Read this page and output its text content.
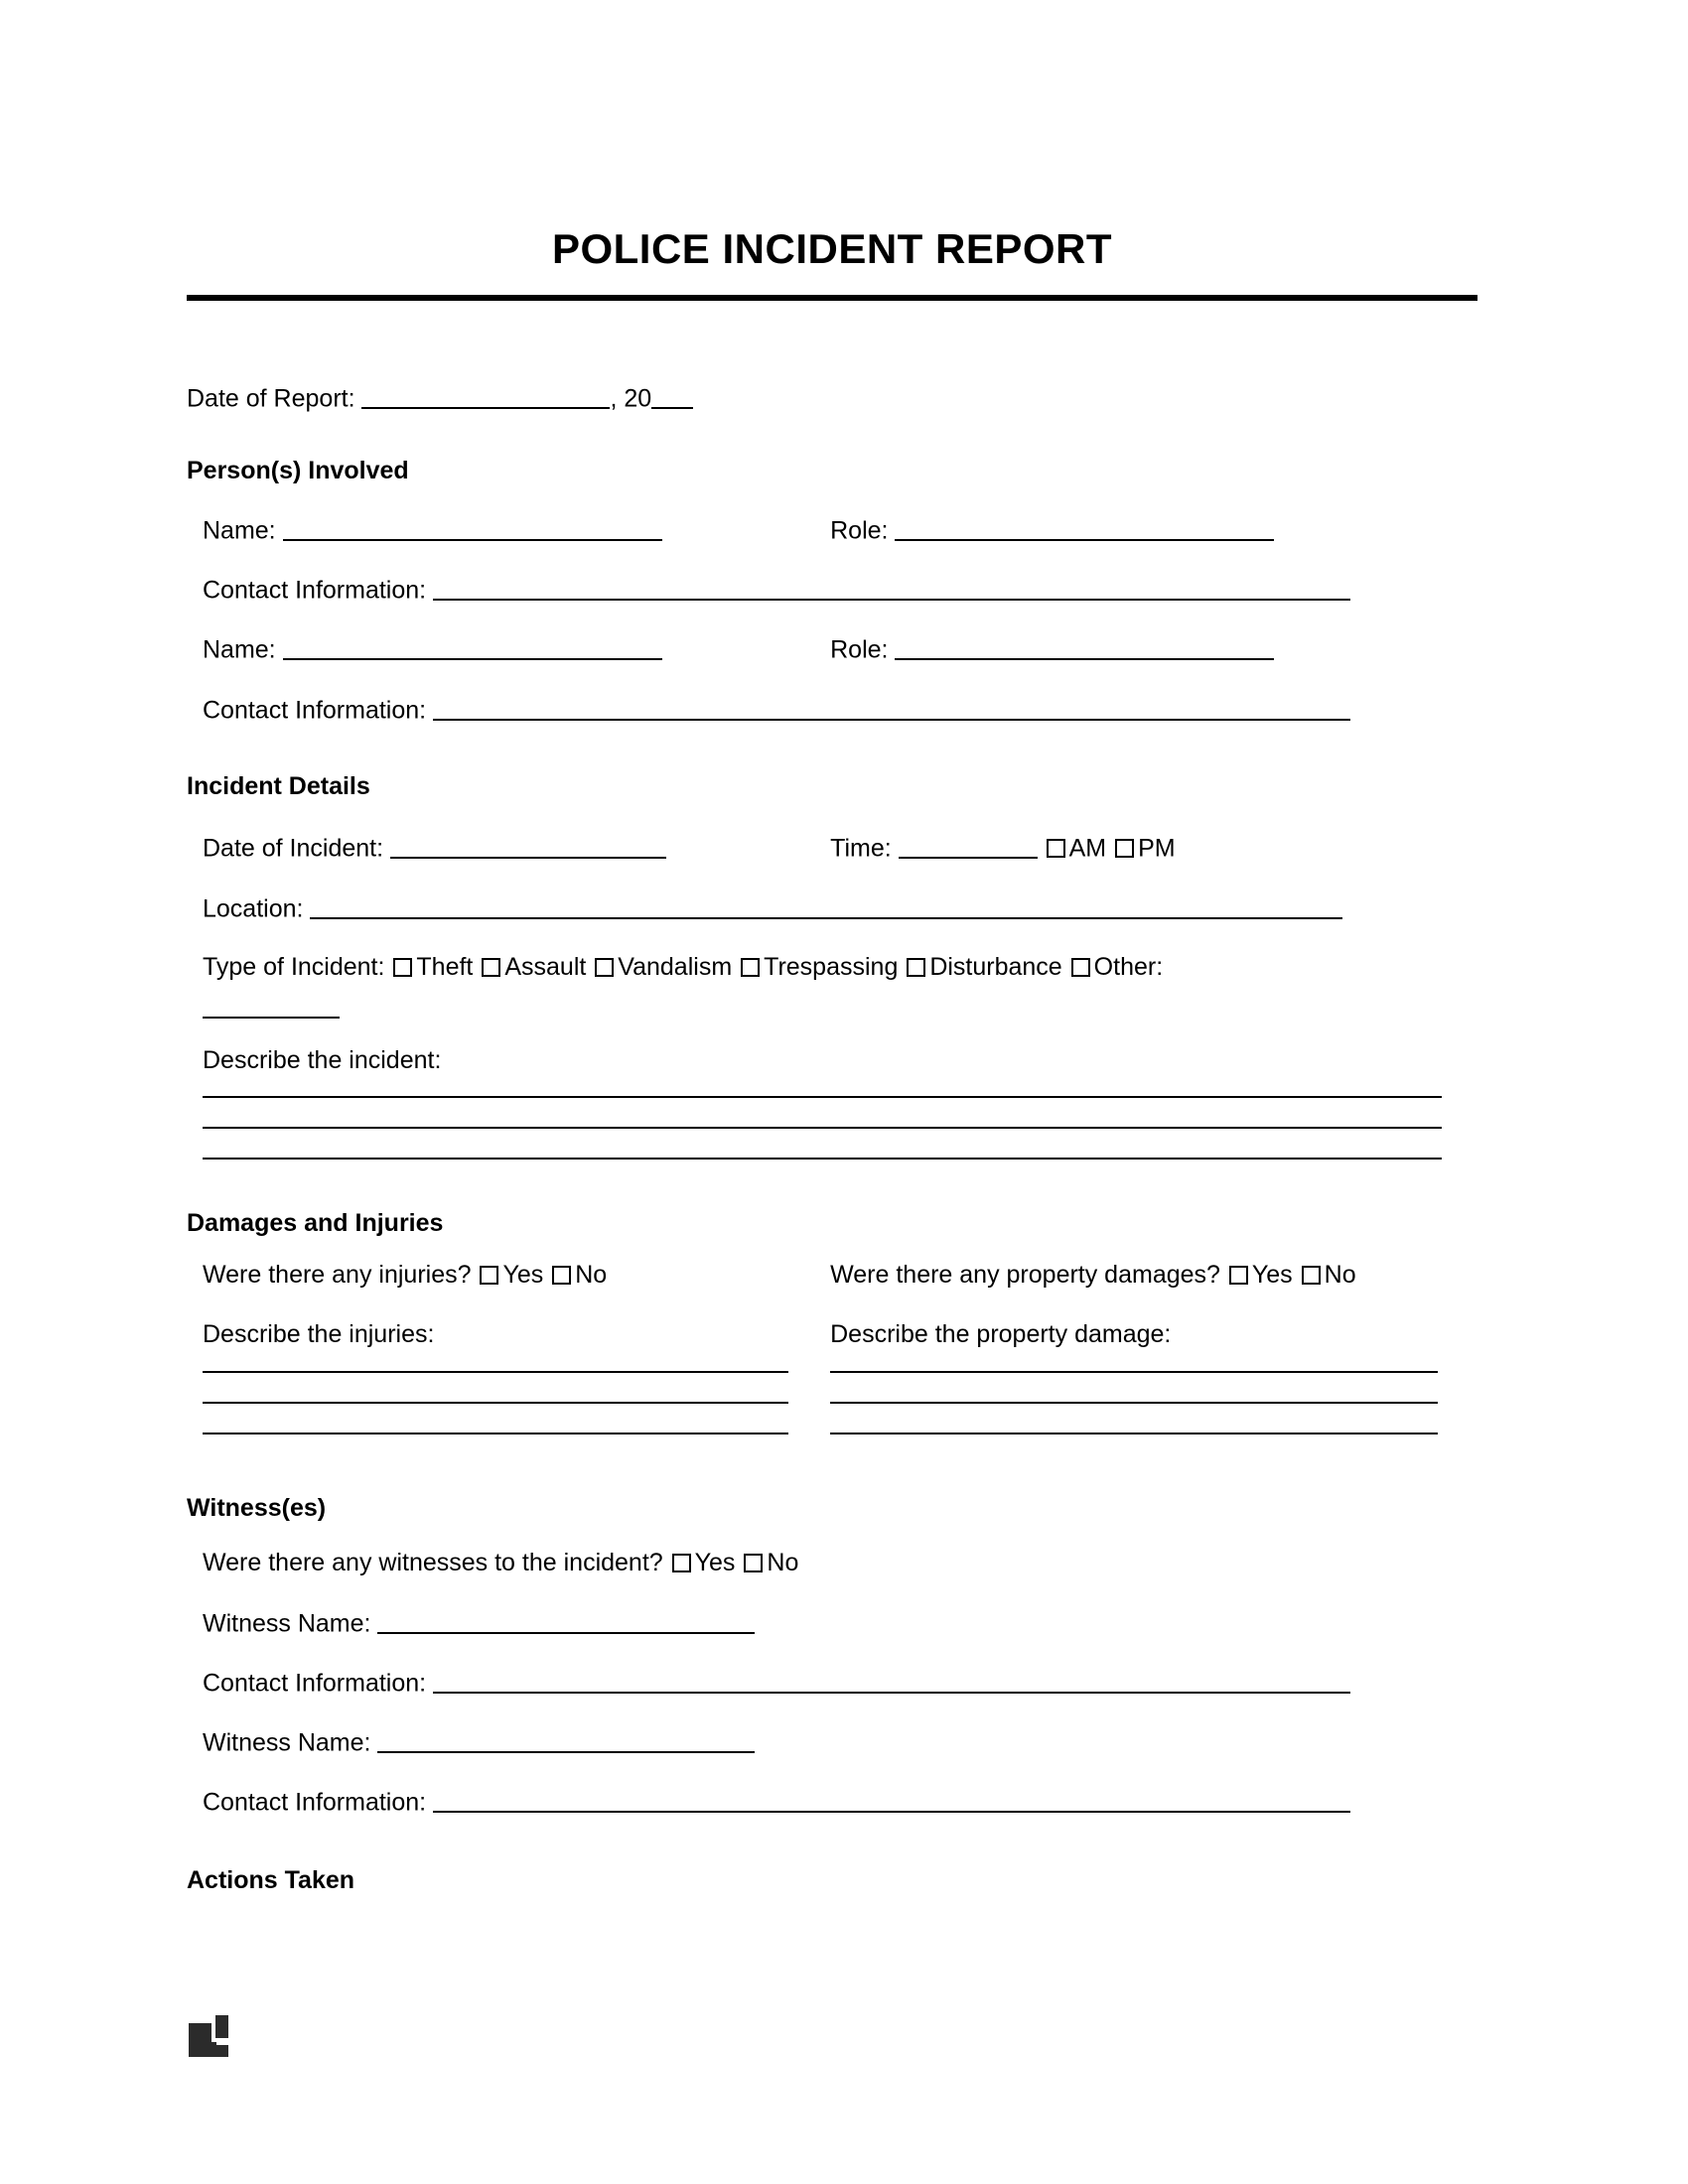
POLICE INCIDENT REPORT
Date of Report:	, 20
Person(s) Involved
Name:	Role:
Contact Information:
Name:	Role:
Contact Information:
Incident Details
Date of Incident:	Time:	AM PM
Location:
Type of Incident: Theft Assault Vandalism Trespassing Disturbance Other:
Describe the incident:
Damages and Injuries
Were there any injuries? Yes No	Were there any property damages? Yes No
Describe the injuries:	Describe the property damage:
Witness(es)
Were there any witnesses to the incident? Yes No
Witness Name:
Contact Information:
Witness Name:
Contact Information:
Actions Taken
